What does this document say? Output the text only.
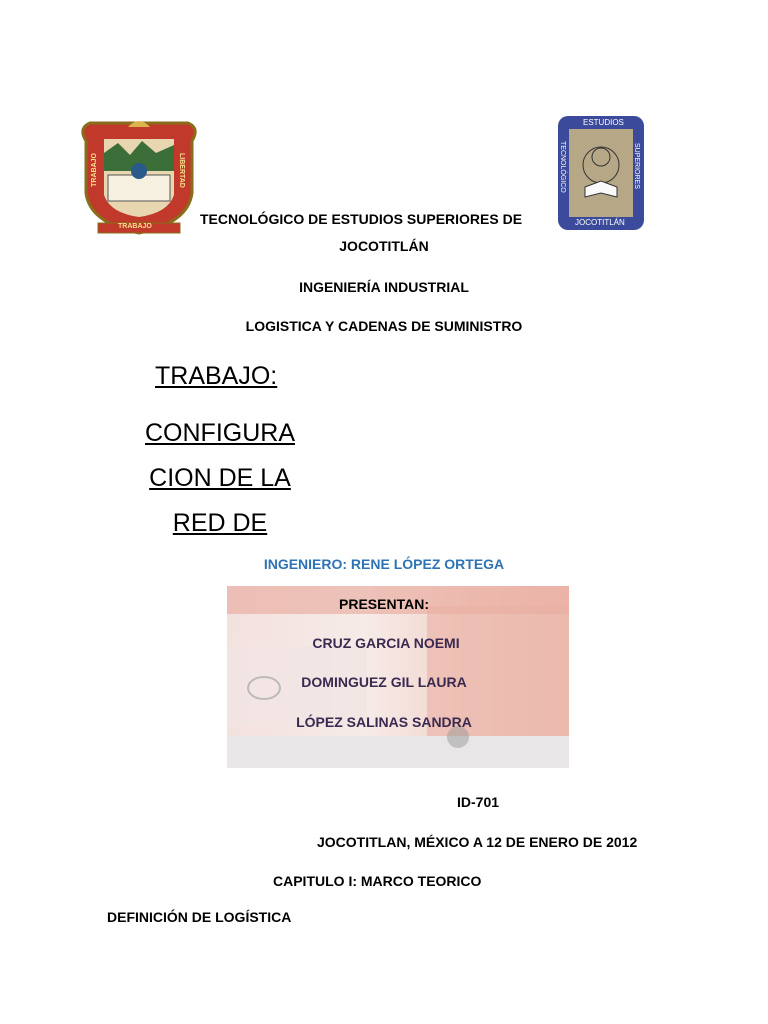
TRABAJO	LIBERTAD
TRABAJO
ESTUDIOS
TECNOLÓGICO	SUPERIORES
JOCOTITLÁN
TECNOLÓGICO DE ESTUDIOS SUPERIORES DE
JOCOTITLÁN
INGENIERÍA INDUSTRIAL
LOGISTICA Y CADENAS DE SUMINISTRO
TRABAJO:
CONFIGURA
CION DE LA
RED DE
INGENIERO: RENE LÓPEZ ORTEGA
PRESENTAN:
CRUZ GARCIA NOEMI
DOMINGUEZ GIL LAURA
LÓPEZ SALINAS SANDRA
ID-701
JOCOTITLAN, MÉXICO A 12 DE ENERO DE 2012
CAPITULO I: MARCO TEORICO
DEFINICIÓN DE LOGÍSTICA
